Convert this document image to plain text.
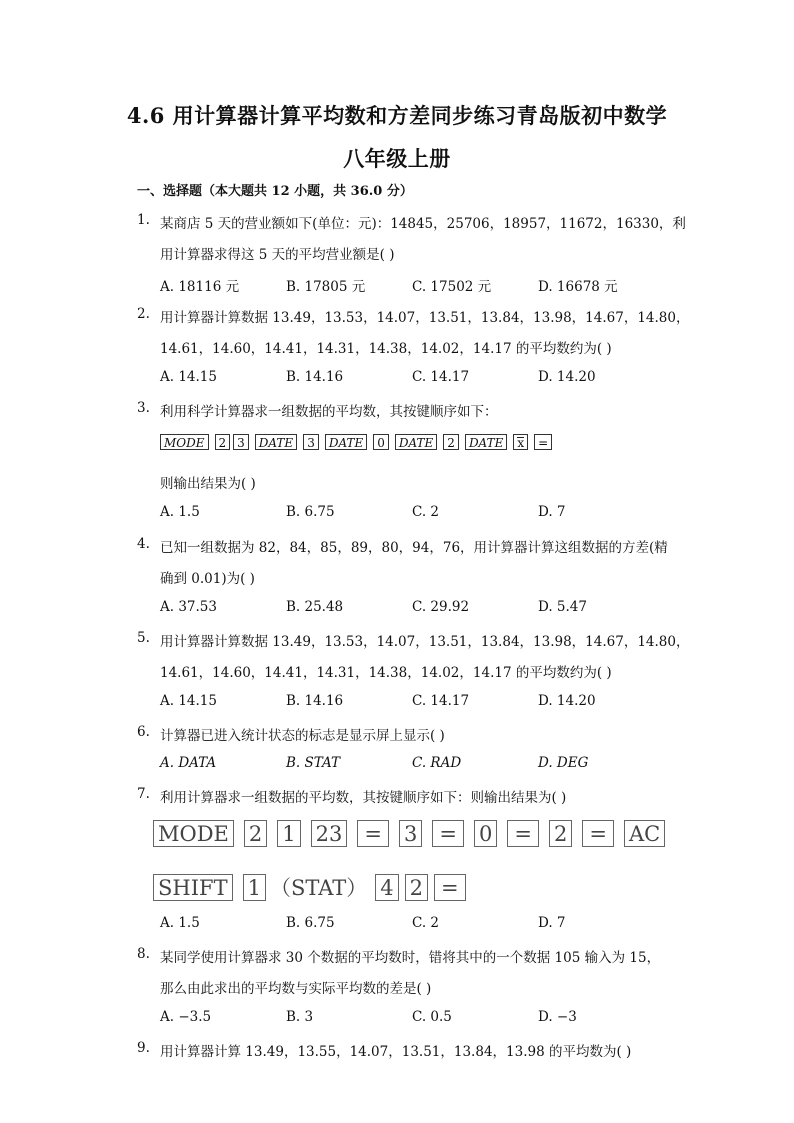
4.6 用计算器计算平均数和方差同步练习青岛版初中数学
八年级上册
一、选择题（本大题共 12 小题，共 36.0 分）
1. 某商店 5 天的营业额如下(单位：元)：14845，25706，18957，11672，16330，利
用计算器求得这 5 天的平均营业额是( )
A. 18116 元	B. 17805 元	C. 17502 元	D. 16678 元
2. 用计算器计算数据 13.49，13.53，14.07，13.51，13.84，13.98，14.67，14.80，
14.61，14.60，14.41，14.31，14.38，14.02，14.17 的平均数约为( )
A. 14.15	B. 14.16	C. 14.17	D. 14.20
3. 利用科学计算器求一组数据的平均数，其按键顺序如下：
MODE	2 3	DATE	3	DATE	0	DATE	2	DATE	x	=
则输出结果为( )
A. 1.5	B. 6.75	C. 2	D. 7
4. 已知一组数据为 82，84，85，89，80，94，76，用计算器计算这组数据的方差(精
确到 0.01)为( )
A. 37.53	B. 25.48	C. 29.92	D. 5.47
5. 用计算器计算数据 13.49，13.53，14.07，13.51，13.84，13.98，14.67，14.80，
14.61，14.60，14.41，14.31，14.38，14.02，14.17 的平均数约为( )
A. 14.15	B. 14.16	C. 14.17	D. 14.20
6. 计算器已进入统计状态的标志是显示屏上显示( )
A. DATA	B. STAT	C. RAD	D. DEG
7. 利用计算器求一组数据的平均数，其按键顺序如下：则输出结果为( )
MODE 2 1 23	=	3	=	0	=	2	=	AC
SHIFT 1 （STAT） 4 2 =
A. 1.5	B. 6.75	C. 2	D. 7
8. 某同学使用计算器求 30 个数据的平均数时，错将其中的一个数据 105 输入为 15，
那么由此求出的平均数与实际平均数的差是( )
A. −3.5	B. 3	C. 0.5	D. −3
9. 用计算器计算 13.49，13.55，14.07，13.51，13.84，13.98 的平均数为( )
